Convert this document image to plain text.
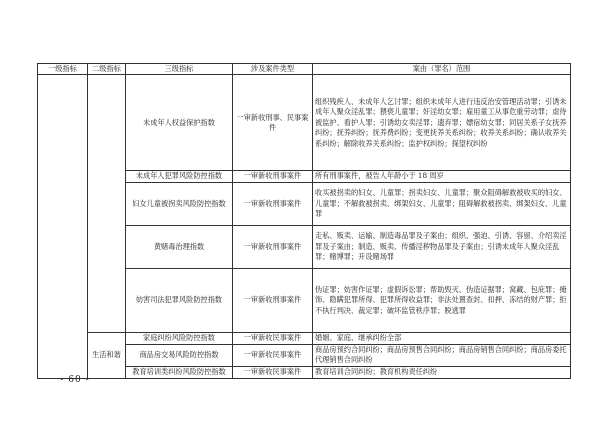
一级指标	二级指标	三级指标	涉及案件类型	案由（罪名）范围
		未成年人权益保护指数	一审新收刑事、民事案件	组织残疾人、未成年人乞讨罪；组织未成年人进行违反治安管理活动罪；引诱未成年人聚众淫乱罪；猥亵儿童罪；奸淫幼女罪；雇用童工从事危重劳动罪；虐待被监护、看护人罪；引诱幼女卖淫罪；遗弃罪；嫖宿幼女罪；同居关系子女抚养纠纷；抚养纠纷；抚养费纠纷；变更抚养关系纠纷；收养关系纠纷；确认收养关系纠纷；解除收养关系纠纷；监护权纠纷；探望权纠纷
		未成年人犯罪风险防控指数	一审新收刑事案件	所有刑事案件，被告人年龄小于 18 周岁
		妇女儿童被拐卖风险防控指数	一审新收刑事案件	收买被拐卖的妇女、儿童罪；拐卖妇女、儿童罪；聚众阻碍解救被收买的妇女、儿童罪；不解救被拐卖、绑架妇女、儿童罪；阻碍解救被拐卖、绑架妇女、儿童罪
		黄赌毒治理指数	一审新收刑事案件	走私、贩卖、运输、制造毒品罪及子案由；组织、强迫、引诱、容留、介绍卖淫罪及子案由；制造、贩卖、传播淫秽物品罪及子案由；引诱未成年人聚众淫乱罪；赌博罪；开设赌场罪
		妨害司法犯罪风险防控指数	一审新收刑事案件	伪证罪；妨害作证罪；虚假诉讼罪；帮助毁灭、伪造证据罪；窝藏、包庇罪；掩饰、隐瞒犯罪所得、犯罪所得收益罪；非法处置查封、扣押、冻结的财产罪；拒不执行判决、裁定罪；破坏监管秩序罪；脱逃罪
	生活和谐	家庭纠纷风险防控指数	一审新收民事案件	婚姻、家庭、继承纠纷全部
		商品房交易风险防控指数	一审新收民事案件	商品房预约合同纠纷；商品房预售合同纠纷；商品房销售合同纠纷；商品房委托代理销售合同纠纷
		教育培训类纠纷风险防控指数	一审新收民事案件	教育培训合同纠纷；教育机构责任纠纷
- 60 -
